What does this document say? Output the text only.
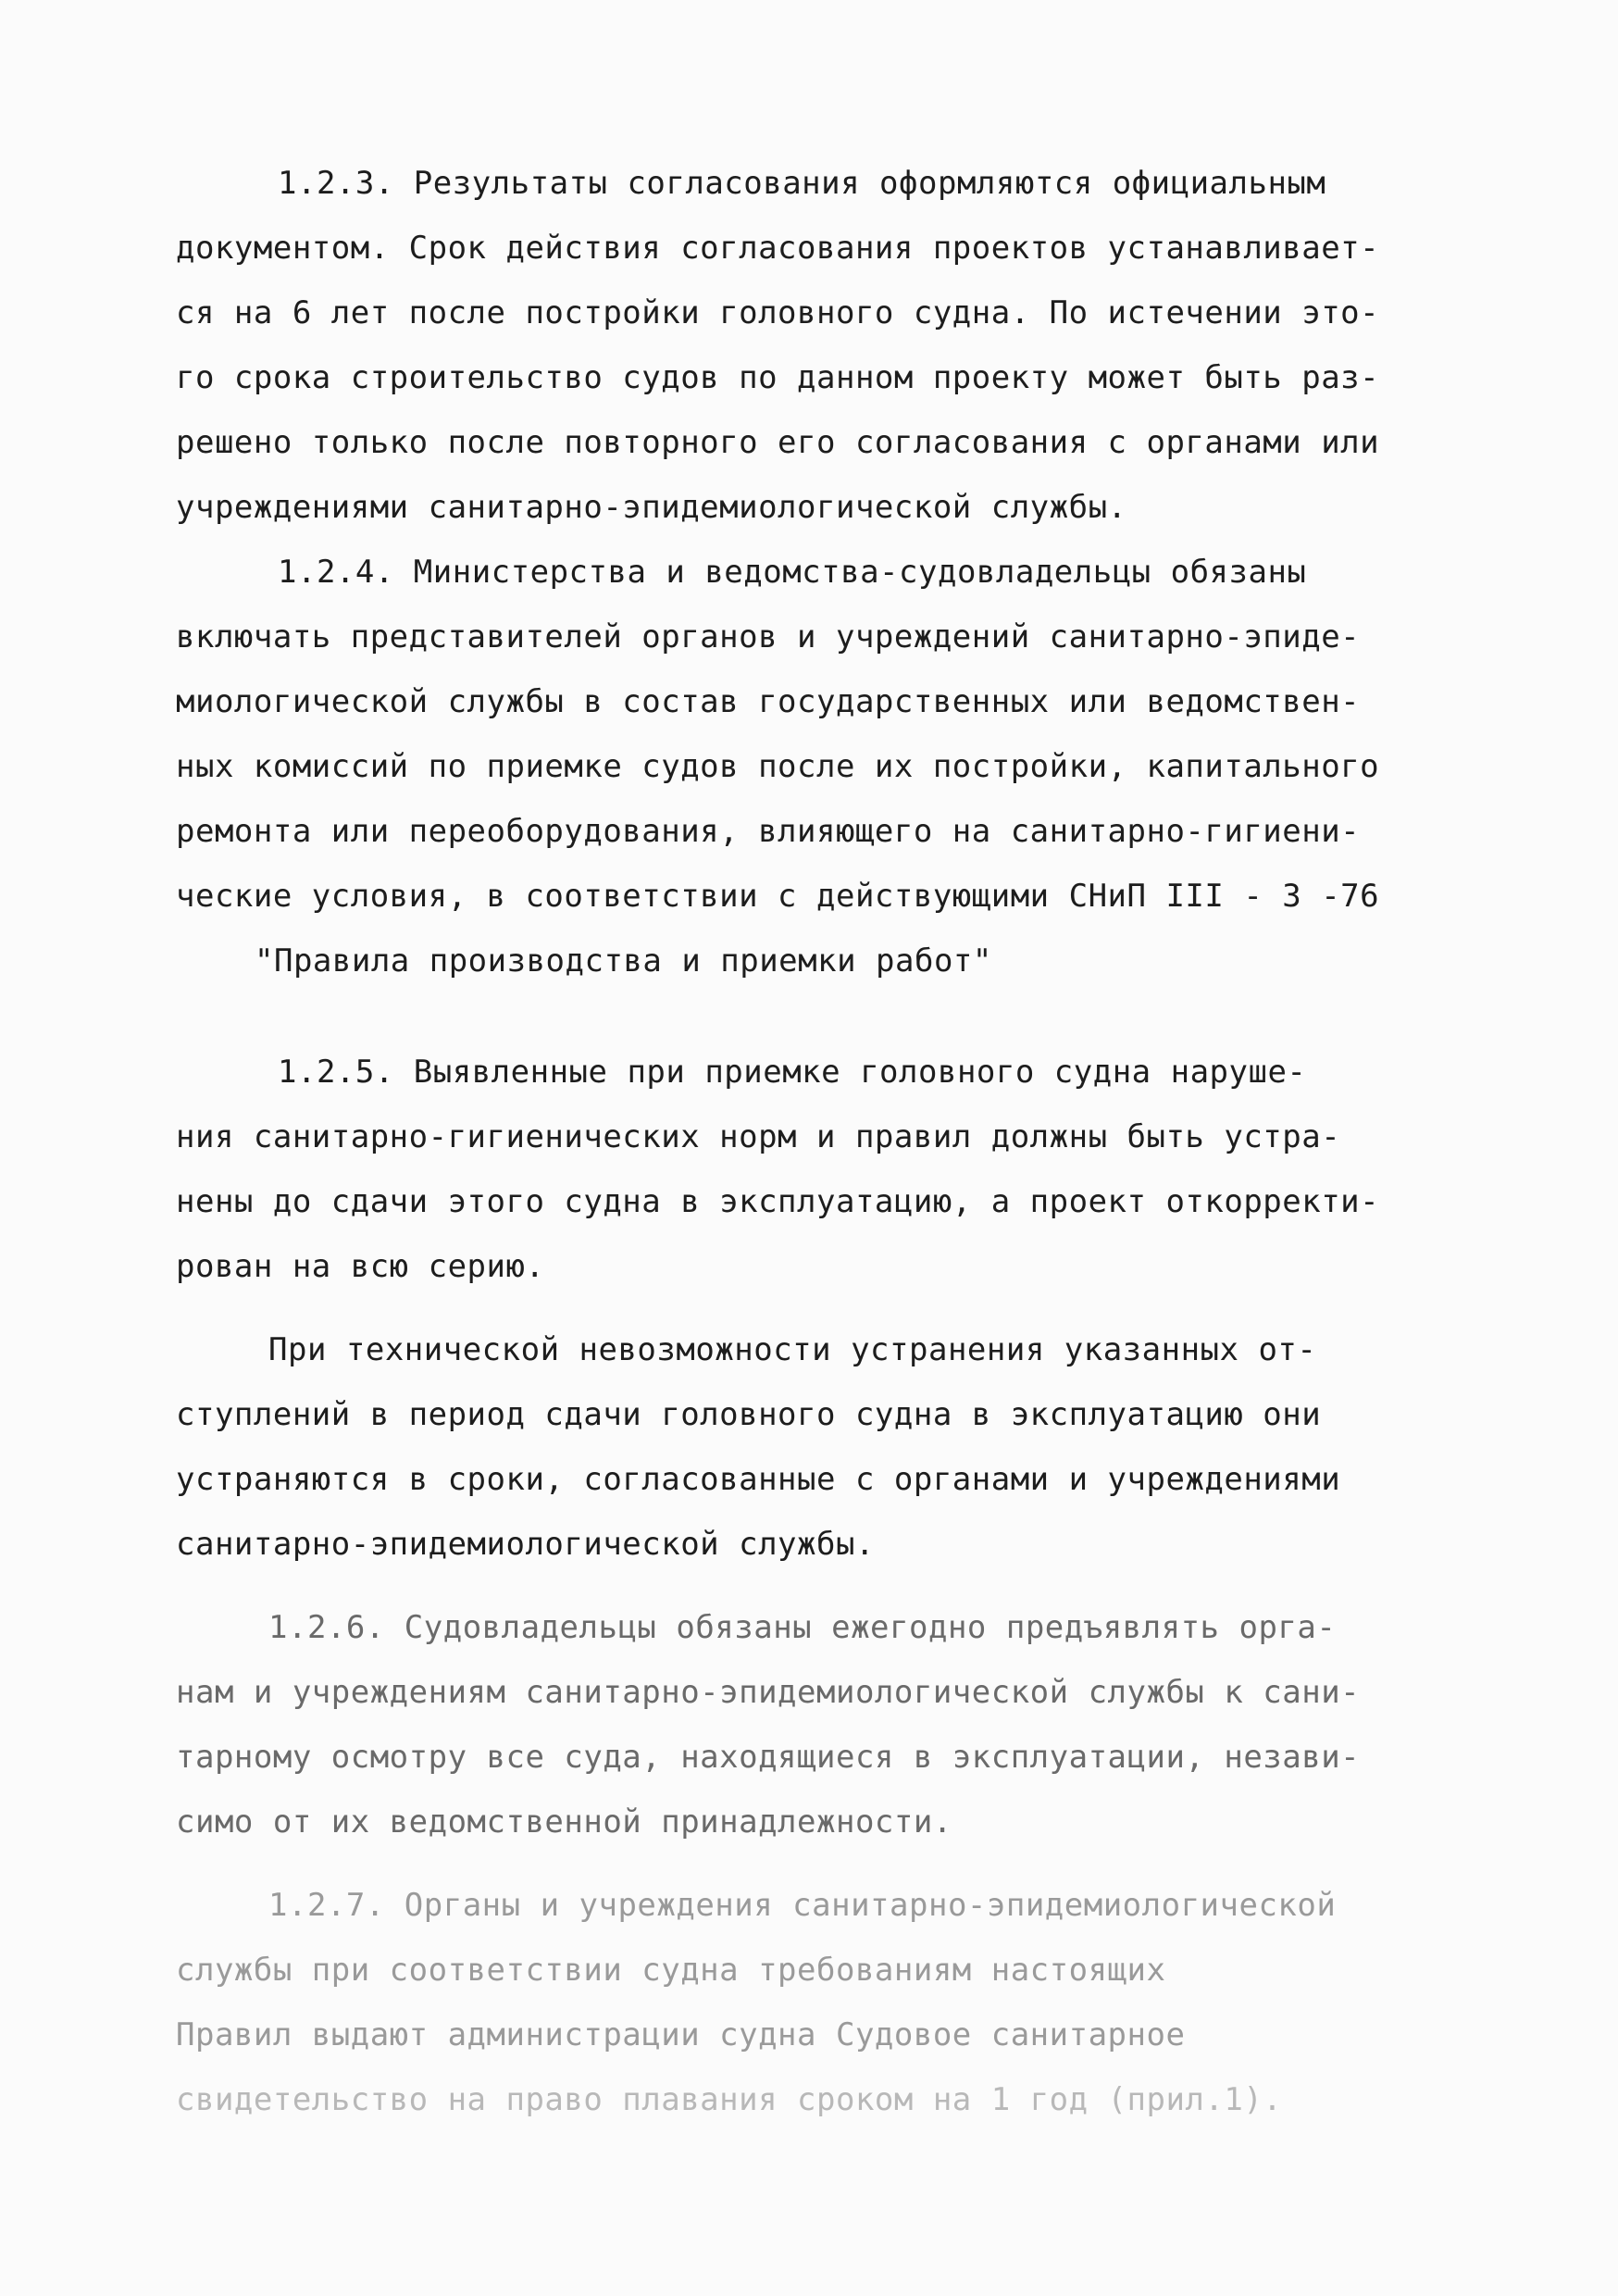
1.2.3. Результаты согласования оформляются официальным
документом. Срок действия согласования проектов устанавливает-
ся на 6 лет после постройки головного судна. По истечении это-
го срока строительство судов по данном проекту может быть раз-
решено только после повторного его согласования с органами или
учреждениями санитарно-эпидемиологической службы.
1.2.4. Министерства и ведомства-судовладельцы обязаны
включать представителей органов и учреждений санитарно-эпиде-
миологической службы в состав государственных или ведомствен-
ных комиссий по приемке судов после их постройки, капитального
ремонта или переоборудования, влияющего на санитарно-гигиени-
ческие условия, в соответствии с действующими СНиП III - 3 -76
"Правила производства и приемки работ"
1.2.5. Выявленные при приемке головного судна наруше-
ния санитарно-гигиенических норм и правил должны быть устра-
нены до сдачи этого судна в эксплуатацию, а проект откорректи-
рован на всю серию.
При технической невозможности устранения указанных от-
ступлений в период сдачи головного судна в эксплуатацию они
устраняются в сроки, согласованные с органами и учреждениями
санитарно-эпидемиологической службы.
1.2.6. Судовладельцы обязаны ежегодно предъявлять орга-
нам и учреждениям санитарно-эпидемиологической службы к сани-
тарному осмотру все суда, находящиеся в эксплуатации, незави-
симо от их ведомственной принадлежности.
1.2.7. Органы и учреждения санитарно-эпидемиологической
службы при соответствии судна требованиям настоящих
Правил выдают администрации судна Судовое санитарное
свидетельство на право плавания сроком на 1 год (прил.1).
